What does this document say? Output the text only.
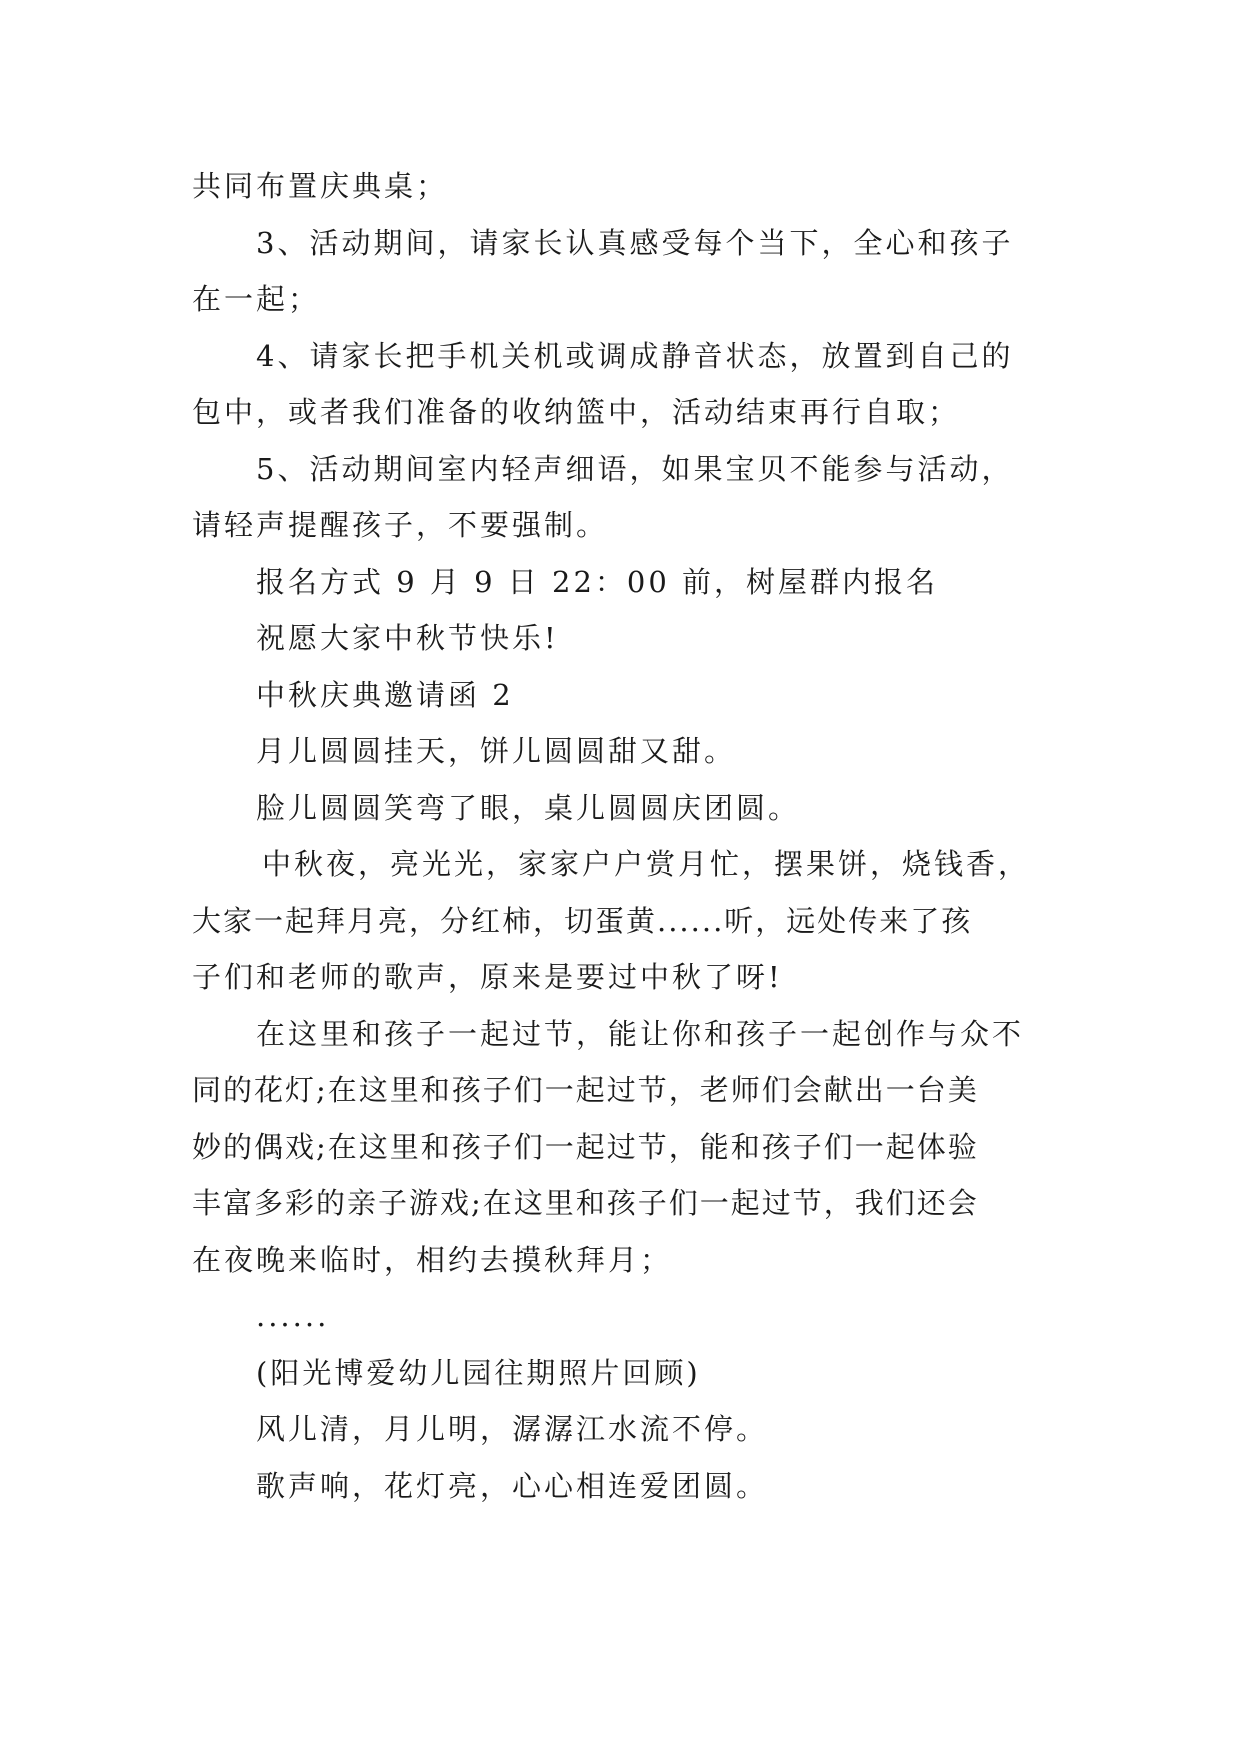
共同布置庆典桌；
3、活动期间，请家长认真感受每个当下，全心和孩子
在一起；
4、请家长把手机关机或调成静音状态，放置到自己的
包中，或者我们准备的收纳篮中，活动结束再行自取；
5、活动期间室内轻声细语，如果宝贝不能参与活动，
请轻声提醒孩子，不要强制。
报名方式 9 月 9 日 22：00 前，树屋群内报名
祝愿大家中秋节快乐!
中秋庆典邀请函 2
月儿圆圆挂天，饼儿圆圆甜又甜。
脸儿圆圆笑弯了眼，桌儿圆圆庆团圆。
中秋夜，亮光光，家家户户赏月忙，摆果饼，烧钱香，
大家一起拜月亮，分红柿，切蛋黄......听，远处传来了孩
子们和老师的歌声，原来是要过中秋了呀!
在这里和孩子一起过节，能让你和孩子一起创作与众不
同的花灯;在这里和孩子们一起过节，老师们会献出一台美
妙的偶戏;在这里和孩子们一起过节，能和孩子们一起体验
丰富多彩的亲子游戏;在这里和孩子们一起过节，我们还会
在夜晚来临时，相约去摸秋拜月；
......
(阳光博爱幼儿园往期照片回顾)
风儿清，月儿明，潺潺江水流不停。
歌声响，花灯亮，心心相连爱团圆。
